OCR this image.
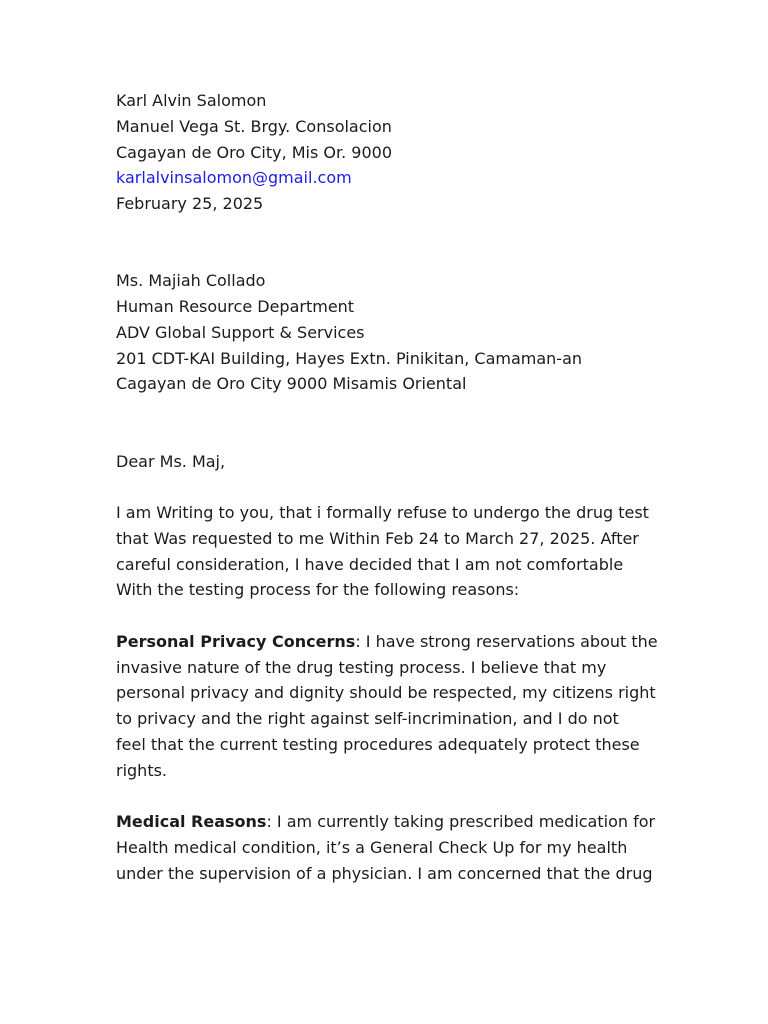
Karl Alvin Salomon
Manuel Vega St. Brgy. Consolacion
Cagayan de Oro City, Mis Or. 9000
karlalvinsalomon@gmail.com
February 25, 2025
Ms. Majiah Collado
Human Resource Department
ADV Global Support & Services
201 CDT-KAI Building, Hayes Extn. Pinikitan, Camaman-an
Cagayan de Oro City 9000 Misamis Oriental
Dear Ms. Maj,
I am Writing to you, that i formally refuse to undergo the drug test
that Was requested to me Within Feb 24 to March 27, 2025. After
careful consideration, I have decided that I am not comfortable
With the testing process for the following reasons:
Personal Privacy Concerns: I have strong reservations about the
invasive nature of the drug testing process. I believe that my
personal privacy and dignity should be respected, my citizens right
to privacy and the right against self-incrimination, and I do not
feel that the current testing procedures adequately protect these
rights.
Medical Reasons: I am currently taking prescribed medication for
Health medical condition, it’s a General Check Up for my health
under the supervision of a physician. I am concerned that the drug
